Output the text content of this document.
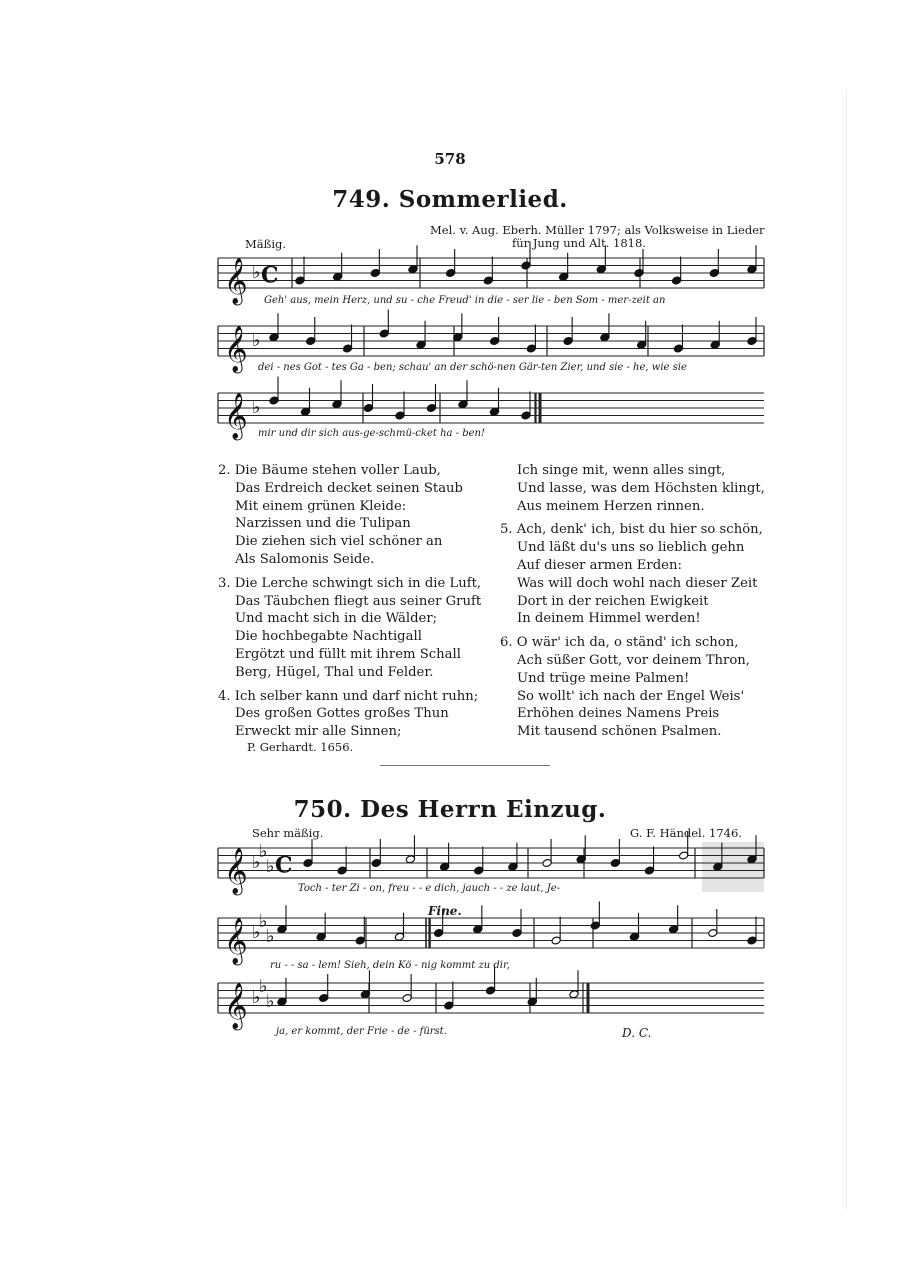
578
749. Sommerlied.
Mel. v. Aug. Eberh. Müller 1797; als Volksweise in Lieder
für Jung und Alt. 1818.
Mäßig.
Geh' aus, mein Herz, und su - che Freud' in die - ser lie - ben Som - mer-zeit an
dei - nes Got - tes Ga - ben; schau' an der schö-nen Gär-ten Zier, und sie - he, wie sie
mir und dir sich aus-ge-schmü-cket ha - ben!
2. Die Bäume stehen voller Laub,
Das Erdreich decket seinen Staub
Mit einem grünen Kleide:
Narzissen und die Tulipan
Die ziehen sich viel schöner an
Als Salomonis Seide.
3. Die Lerche schwingt sich in die Luft,
Das Täubchen fliegt aus seiner Gruft
Und macht sich in die Wälder;
Die hochbegabte Nachtigall
Ergötzt und füllt mit ihrem Schall
Berg, Hügel, Thal und Felder.
4. Ich selber kann und darf nicht ruhn;
Des großen Gottes großes Thun
Erweckt mir alle Sinnen;
Ich singe mit, wenn alles singt,
Und lasse, was dem Höchsten klingt,
Aus meinem Herzen rinnen.
5. Ach, denk' ich, bist du hier so schön,
Und läßt du's uns so lieblich gehn
Auf dieser armen Erden:
Was will doch wohl nach dieser Zeit
Dort in der reichen Ewigkeit
In deinem Himmel werden!
6. O wär' ich da, o ständ' ich schon,
Ach süßer Gott, vor deinem Thron,
Und trüge meine Palmen!
So wollt' ich nach der Engel Weis'
Erhöhen deines Namens Preis
Mit tausend schönen Psalmen.
P. Gerhardt. 1656.
750. Des Herrn Einzug.
Sehr mäßig.	G. F. Händel. 1746.
Fine.
Toch - ter Zi - on, freu - - e dich, jauch - - ze laut, Je-
ru - - sa - lem! Sieh, dein Kö - nig kommt zu dir,
ja, er kommt, der Frie - de - fürst.	D. C.
𝄞 ♭ C
𝄞 ♭
𝄞 ♭
𝄞 ♭
♭
♭ C
𝄞 ♭
♭
♭
𝄞 ♭
♭
♭
